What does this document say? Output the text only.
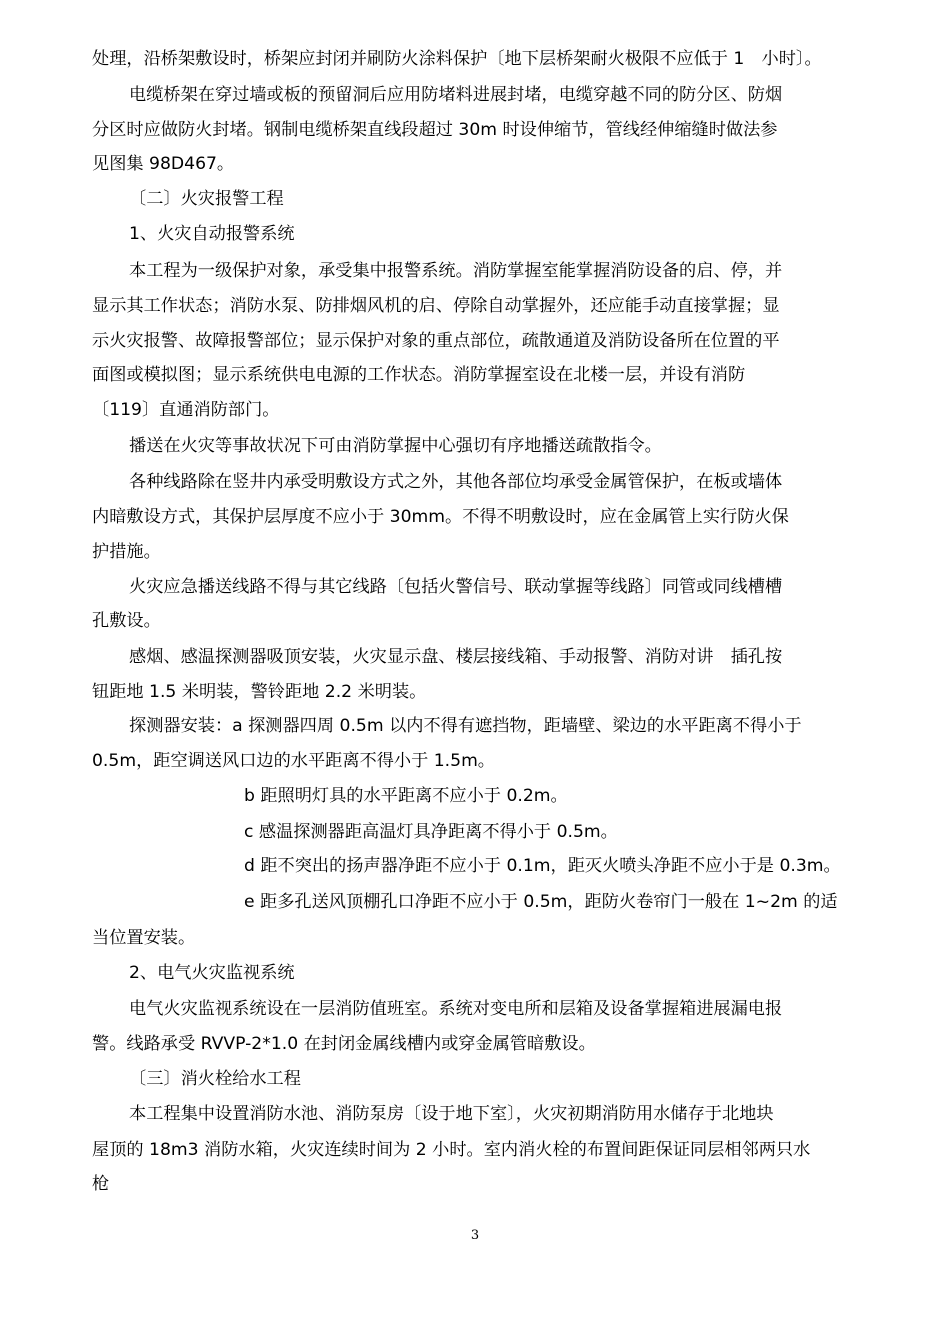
处理，沿桥架敷设时，桥架应封闭并刷防火涂料保护〔地下层桥架耐火极限不应低于 1　小时〕。
电缆桥架在穿过墙或板的预留洞后应用防堵料进展封堵，电缆穿越不同的防分区、防烟
分区时应做防火封堵。钢制电缆桥架直线段超过 30m 时设伸缩节，管线经伸缩缝时做法参
见图集 98D467。
〔二〕火灾报警工程
1、火灾自动报警系统
本工程为一级保护对象，承受集中报警系统。消防掌握室能掌握消防设备的启、停，并
显示其工作状态；消防水泵、防排烟风机的启、停除自动掌握外，还应能手动直接掌握；显
示火灾报警、故障报警部位；显示保护对象的重点部位，疏散通道及消防设备所在位置的平
面图或模拟图；显示系统供电电源的工作状态。消防掌握室设在北楼一层，并设有消防
〔119〕直通消防部门。
播送在火灾等事故状况下可由消防掌握中心强切有序地播送疏散指令。
各种线路除在竖井内承受明敷设方式之外，其他各部位均承受金属管保护，在板或墙体
内暗敷设方式，其保护层厚度不应小于 30mm。不得不明敷设时，应在金属管上实行防火保
护措施。
火灾应急播送线路不得与其它线路〔包括火警信号、联动掌握等线路〕同管或同线槽槽
孔敷设。
感烟、感温探测器吸顶安装，火灾显示盘、楼层接线箱、手动报警、消防对讲　插孔按
钮距地 1.5 米明装，警铃距地 2.2 米明装。
探测器安装：a 探测器四周 0.5m 以内不得有遮挡物，距墙壁、梁边的水平距离不得小于
0.5m，距空调送风口边的水平距离不得小于 1.5m。
b 距照明灯具的水平距离不应小于 0.2m。
c 感温探测器距高温灯具净距离不得小于 0.5m。
d 距不突出的扬声器净距不应小于 0.1m，距灭火喷头净距不应小于是 0.3m。
e 距多孔送风顶棚孔口净距不应小于 0.5m，距防火卷帘门一般在 1~2m 的适
当位置安装。
2、电气火灾监视系统
电气火灾监视系统设在一层消防值班室。系统对变电所和层箱及设备掌握箱进展漏电报
警。线路承受 RVVP-2*1.0 在封闭金属线槽内或穿金属管暗敷设。
〔三〕消火栓给水工程
本工程集中设置消防水池、消防泵房〔设于地下室〕，火灾初期消防用水储存于北地块
屋顶的 18m3 消防水箱，火灾连续时间为 2 小时。室内消火栓的布置间距保证同层相邻两只水
枪
3
